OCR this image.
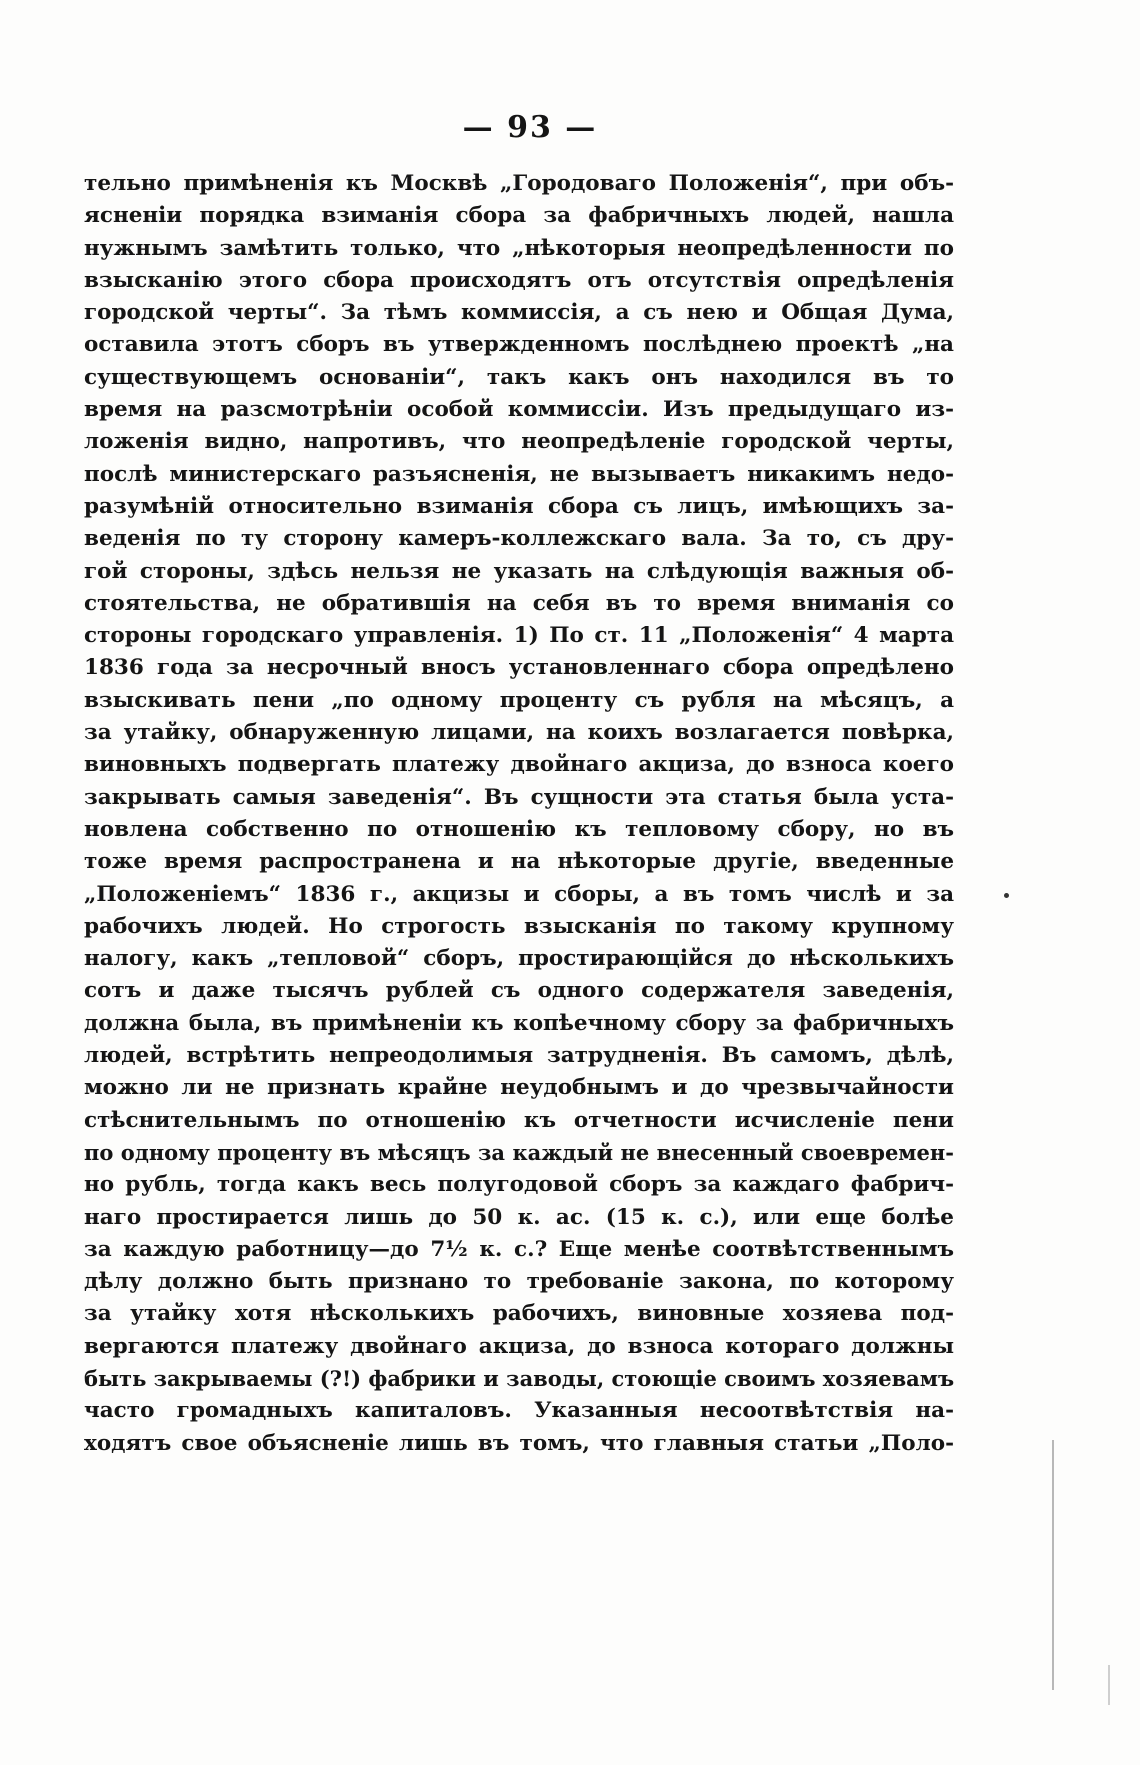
— 93 —
тельно примѣненія къ Москвѣ „Городоваго Положенія“, при объ-
ясненіи порядка взиманія сбора за фабричныхъ людей, нашла
нужнымъ замѣтить только, что „нѣкоторыя неопредѣленности по
взысканію этого сбора происходятъ отъ отсутствія опредѣленія
городской черты“. За тѣмъ коммиссія, а съ нею и Общая Дума,
оставила этотъ сборъ въ утвержденномъ послѣднею проектѣ „на
существующемъ основаніи“, такъ какъ онъ находился въ то
время на разсмотрѣніи особой коммиссіи. Изъ предыдущаго из-
ложенія видно, напротивъ, что неопредѣленіе городской черты,
послѣ министерскаго разъясненія, не вызываетъ никакимъ недо-
разумѣній относительно взиманія сбора съ лицъ, имѣющихъ за-
веденія по ту сторону камеръ-коллежскаго вала. За то, съ дру-
гой стороны, здѣсь нельзя не указать на слѣдующія важныя об-
стоятельства, не обратившія на себя въ то время вниманія со
стороны городскаго управленія. 1) По ст. 11 „Положенія“ 4 марта
1836 года за несрочный вносъ установленнаго сбора опредѣлено
взыскивать пени „по одному проценту съ рубля на мѣсяцъ, а
за утайку, обнаруженную лицами, на коихъ возлагается повѣрка,
виновныхъ подвергать платежу двойнаго акциза, до взноса коего
закрывать самыя заведенія“. Въ сущности эта статья была уста-
новлена собственно по отношенію къ тепловому сбору, но въ
тоже время распространена и на нѣкоторые другіе, введенные
„Положеніемъ“ 1836 г., акцизы и сборы, а въ томъ числѣ и за
рабочихъ людей. Но строгость взысканія по такому крупному
налогу, какъ „тепловой“ сборъ, простирающійся до нѣсколькихъ
сотъ и даже тысячъ рублей съ одного содержателя заведенія,
должна была, въ примѣненіи къ копѣечному сбору за фабричныхъ
людей, встрѣтить непреодолимыя затрудненія. Въ самомъ, дѣлѣ,
можно ли не признать крайне неудобнымъ и до чрезвычайности
стѣснительнымъ по отношенію къ отчетности исчисленіе пени
по одному проценту въ мѣсяцъ за каждый не внесенный своевремен-
но рубль, тогда какъ весь полугодовой сборъ за каждаго фабрич-
наго простирается лишь до 50 к. ас. (15 к. с.), или еще болѣе
за каждую работницу—до 7½ к. с.? Еще менѣе соотвѣтственнымъ
дѣлу должно быть признано то требованіе закона, по которому
за утайку хотя нѣсколькихъ рабочихъ, виновные хозяева под-
вергаются платежу двойнаго акциза, до взноса котораго должны
быть закрываемы (?!) фабрики и заводы, стоющіе своимъ хозяевамъ
часто громадныхъ капиталовъ. Указанныя несоотвѣтствія на-
ходятъ свое объясненіе лишь въ томъ, что главныя статьи „Поло-
